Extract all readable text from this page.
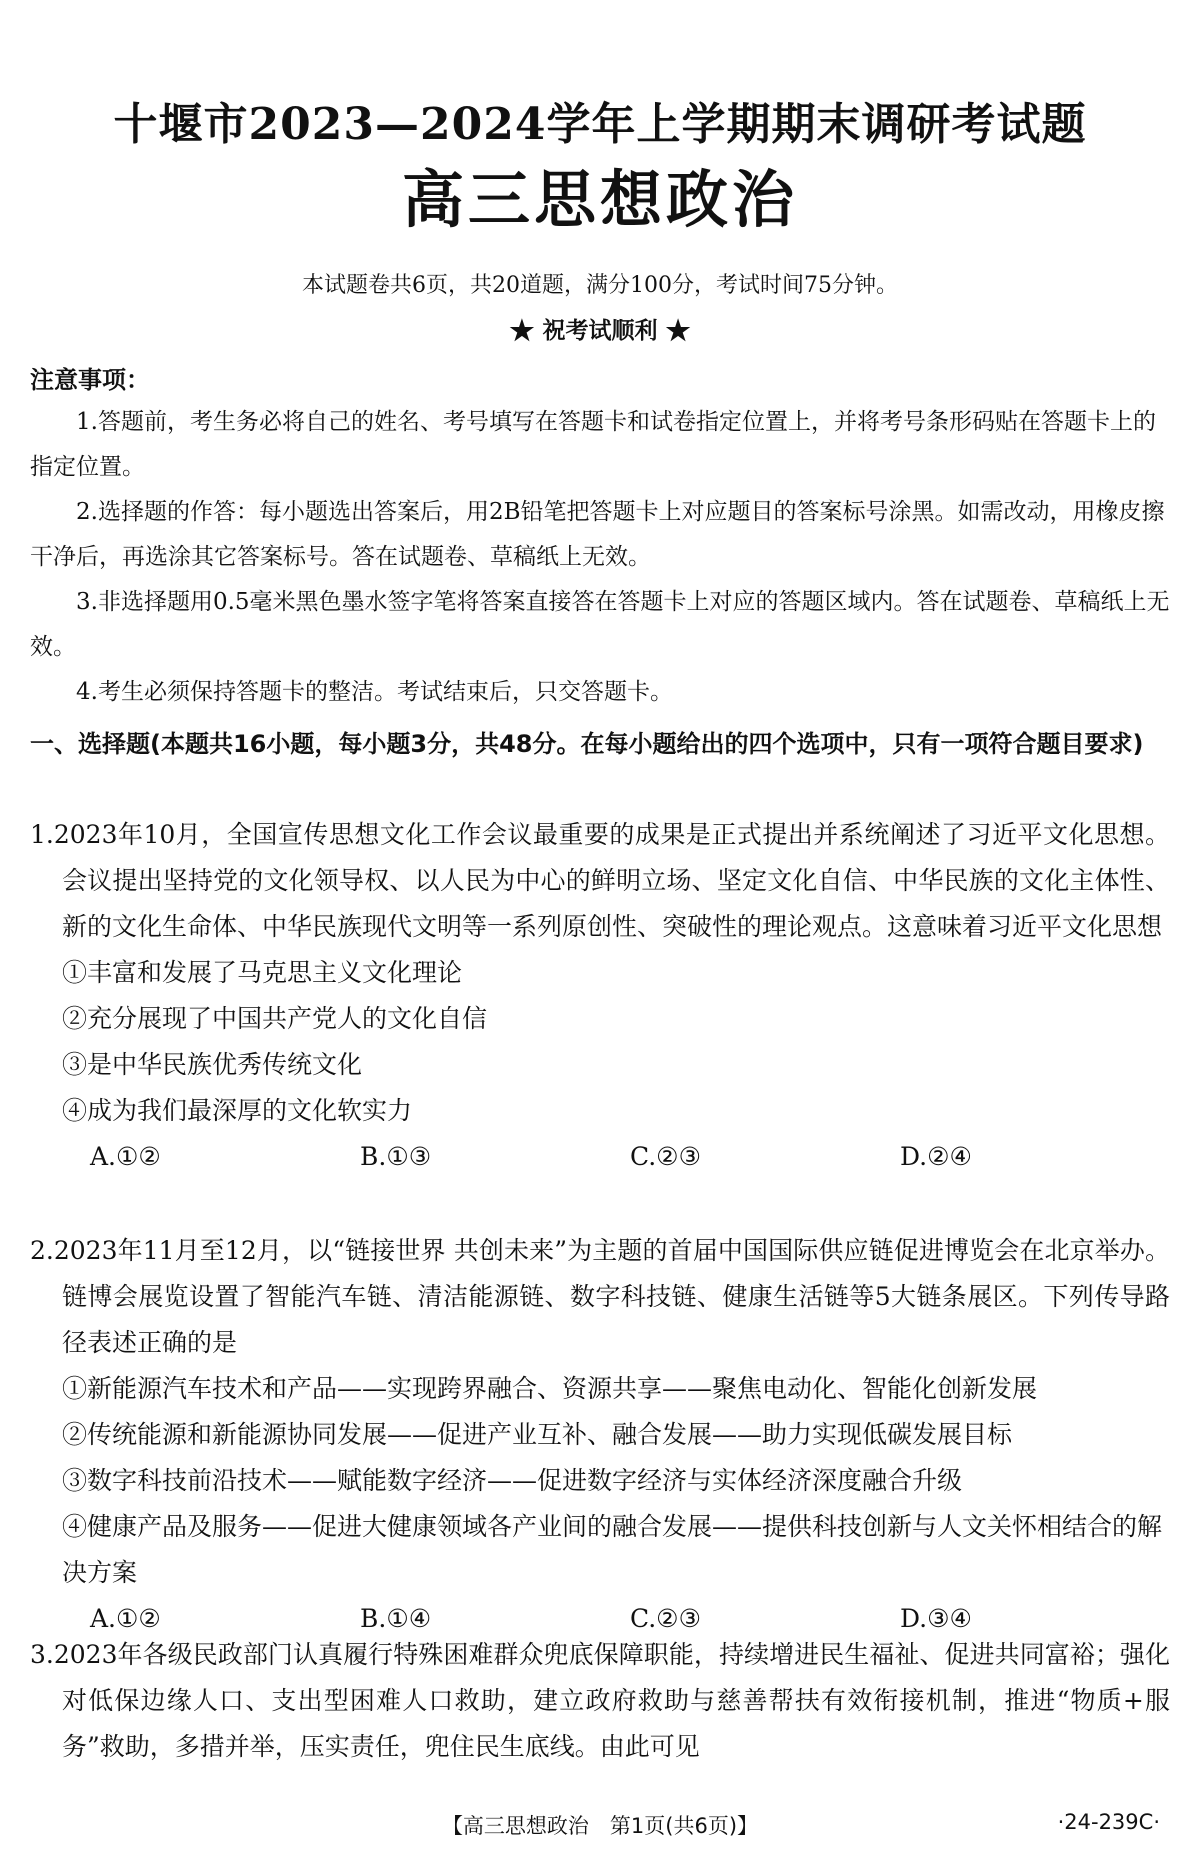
十堰市2023—2024学年上学期期末调研考试题
高三思想政治
本试题卷共6页，共20道题，满分100分，考试时间75分钟。
★ 祝考试顺利 ★
注意事项：

1.答题前，考生务必将自己的姓名、考号填写在答题卡和试卷指定位置上，并将考号条形码贴在答题卡上的指定位置。

2.选择题的作答：每小题选出答案后，用2B铅笔把答题卡上对应题目的答案标号涂黑。如需改动，用橡皮擦干净后，再选涂其它答案标号。答在试题卷、草稿纸上无效。

3.非选择题用0.5毫米黑色墨水签字笔将答案直接答在答题卡上对应的答题区域内。答在试题卷、草稿纸上无效。

4.考生必须保持答题卡的整洁。考试结束后，只交答题卡。

一、选择题(本题共16小题，每小题3分，共48分。在每小题给出的四个选项中，只有一项符合题目要求)

1.2023年10月，全国宣传思想文化工作会议最重要的成果是正式提出并系统阐述了习近平文化思想。会议提出坚持党的文化领导权、以人民为中心的鲜明立场、坚定文化自信、中华民族的文化主体性、新的文化生命体、中华民族现代文明等一系列原创性、突破性的理论观点。这意味着习近平文化思想

①丰富和发展了马克思主义文化理论

②充分展现了中国共产党人的文化自信

③是中华民族优秀传统文化

④成为我们最深厚的文化软实力

A.①②	B.①③	C.②③	D.②④

2.2023年11月至12月，以“链接世界 共创未来”为主题的首届中国国际供应链促进博览会在北京举办。链博会展览设置了智能汽车链、清洁能源链、数字科技链、健康生活链等5大链条展区。下列传导路径表述正确的是

①新能源汽车技术和产品——实现跨界融合、资源共享——聚焦电动化、智能化创新发展

②传统能源和新能源协同发展——促进产业互补、融合发展——助力实现低碳发展目标

③数字科技前沿技术——赋能数字经济——促进数字经济与实体经济深度融合升级

④健康产品及服务——促进大健康领域各产业间的融合发展——提供科技创新与人文关怀相结合的解决方案

A.①②	B.①④	C.②③	D.③④

3.2023年各级民政部门认真履行特殊困难群众兜底保障职能，持续增进民生福祉、促进共同富裕；强化对低保边缘人口、支出型困难人口救助，建立政府救助与慈善帮扶有效衔接机制，推进“物质+服务”救助，多措并举，压实责任，兜住民生底线。由此可见

【高三思想政治　第1页(共6页)】	·24-239C·
